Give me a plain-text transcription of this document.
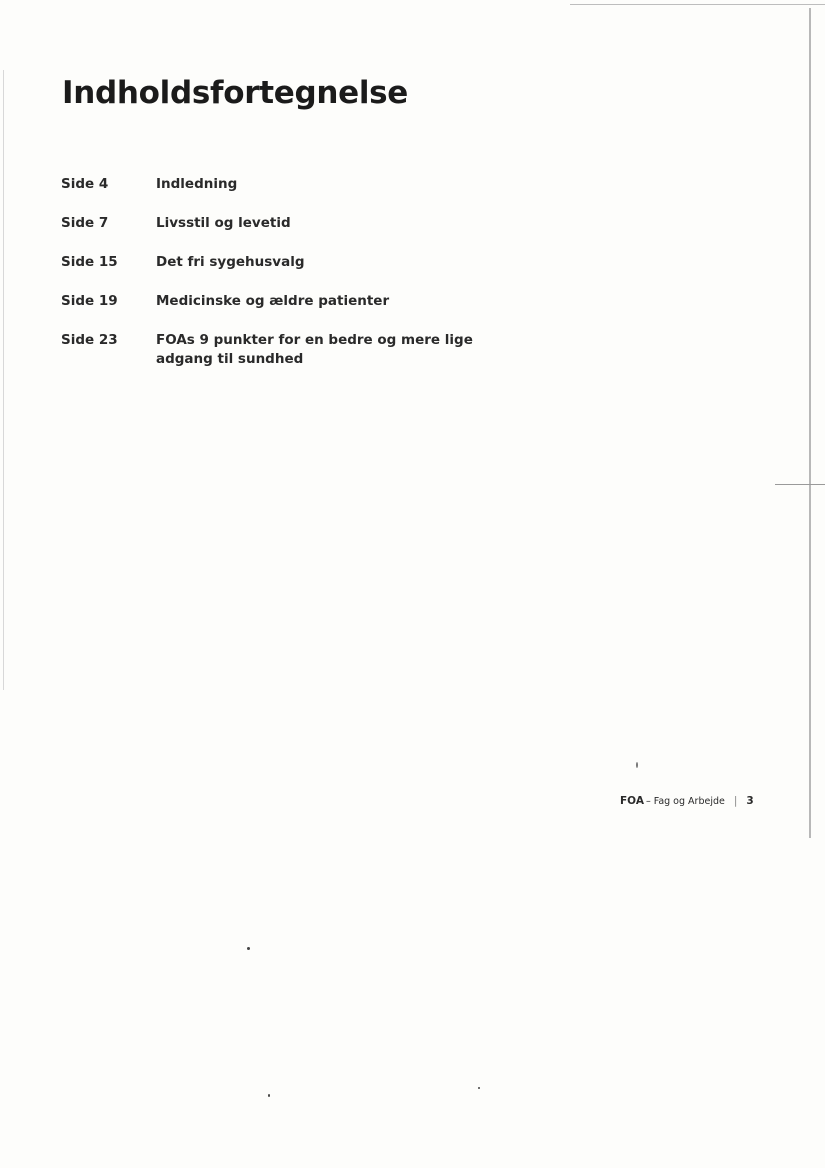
Indholdsfortegnelse
Side 4	Indledning
Side 7	Livsstil og levetid
Side 15	Det fri sygehusvalg
Side 19	Medicinske og ældre patienter
Side 23	FOAs 9 punkter for en bedre og mere lige adgang til sundhed
FOA – Fag og Arbejde | 3
